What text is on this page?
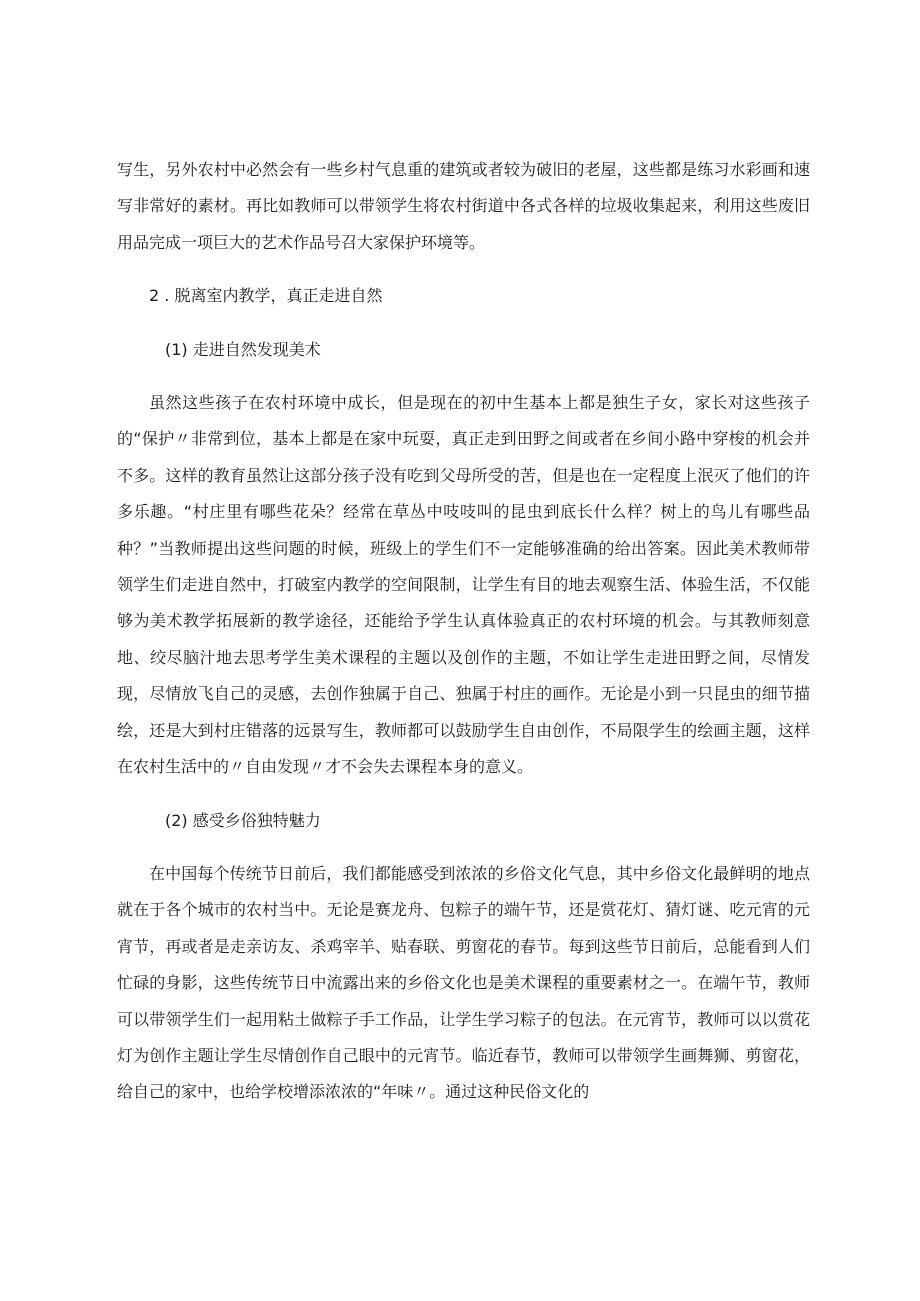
写生，另外农村中必然会有一些乡村气息重的建筑或者较为破旧的老屋，这些都是练习水彩画和速写非常好的素材。再比如教师可以带领学生将农村街道中各式各样的垃圾收集起来，利用这些废旧用品完成一项巨大的艺术作品号召大家保护环境等。

2 . 脱离室内教学，真正走进自然
(1) 走进自然发现美术

虽然这些孩子在农村环境中成长，但是现在的初中生基本上都是独生子女，家长对这些孩子的“保护〃非常到位，基本上都是在家中玩耍，真正走到田野之间或者在乡间小路中穿梭的机会并不多。这样的教育虽然让这部分孩子没有吃到父母所受的苦，但是也在一定程度上泯灭了他们的许多乐趣。“村庄里有哪些花朵？经常在草丛中吱吱叫的昆虫到底长什么样？树上的鸟儿有哪些品种？”当教师提出这些问题的时候，班级上的学生们不一定能够准确的给出答案。因此美术教师带领学生们走进自然中，打破室内教学的空间限制，让学生有目的地去观察生活、体验生活，不仅能够为美术教学拓展新的教学途径，还能给予学生认真体验真正的农村环境的机会。与其教师刻意地、绞尽脑汁地去思考学生美术课程的主题以及创作的主题，不如让学生走进田野之间，尽情发现，尽情放飞自己的灵感，去创作独属于自己、独属于村庄的画作。无论是小到一只昆虫的细节描绘，还是大到村庄错落的远景写生，教师都可以鼓励学生自由创作，不局限学生的绘画主题，这样在农村生活中的〃自由发现〃才不会失去课程本身的意义。

(2) 感受乡俗独特魅力

在中国每个传统节日前后，我们都能感受到浓浓的乡俗文化气息，其中乡俗文化最鲜明的地点就在于各个城市的农村当中。无论是赛龙舟、包粽子的端午节，还是赏花灯、猜灯谜、吃元宵的元宵节，再或者是走亲访友、杀鸡宰羊、贴春联、剪窗花的春节。每到这些节日前后，总能看到人们忙碌的身影，这些传统节日中流露出来的乡俗文化也是美术课程的重要素材之一。在端午节，教师可以带领学生们一起用粘土做粽子手工作品，让学生学习粽子的包法。在元宵节，教师可以以赏花灯为创作主题让学生尽情创作自己眼中的元宵节。临近春节，教师可以带领学生画舞狮、剪窗花，给自己的家中，也给学校增添浓浓的“年味〃。通过这种民俗文化的
